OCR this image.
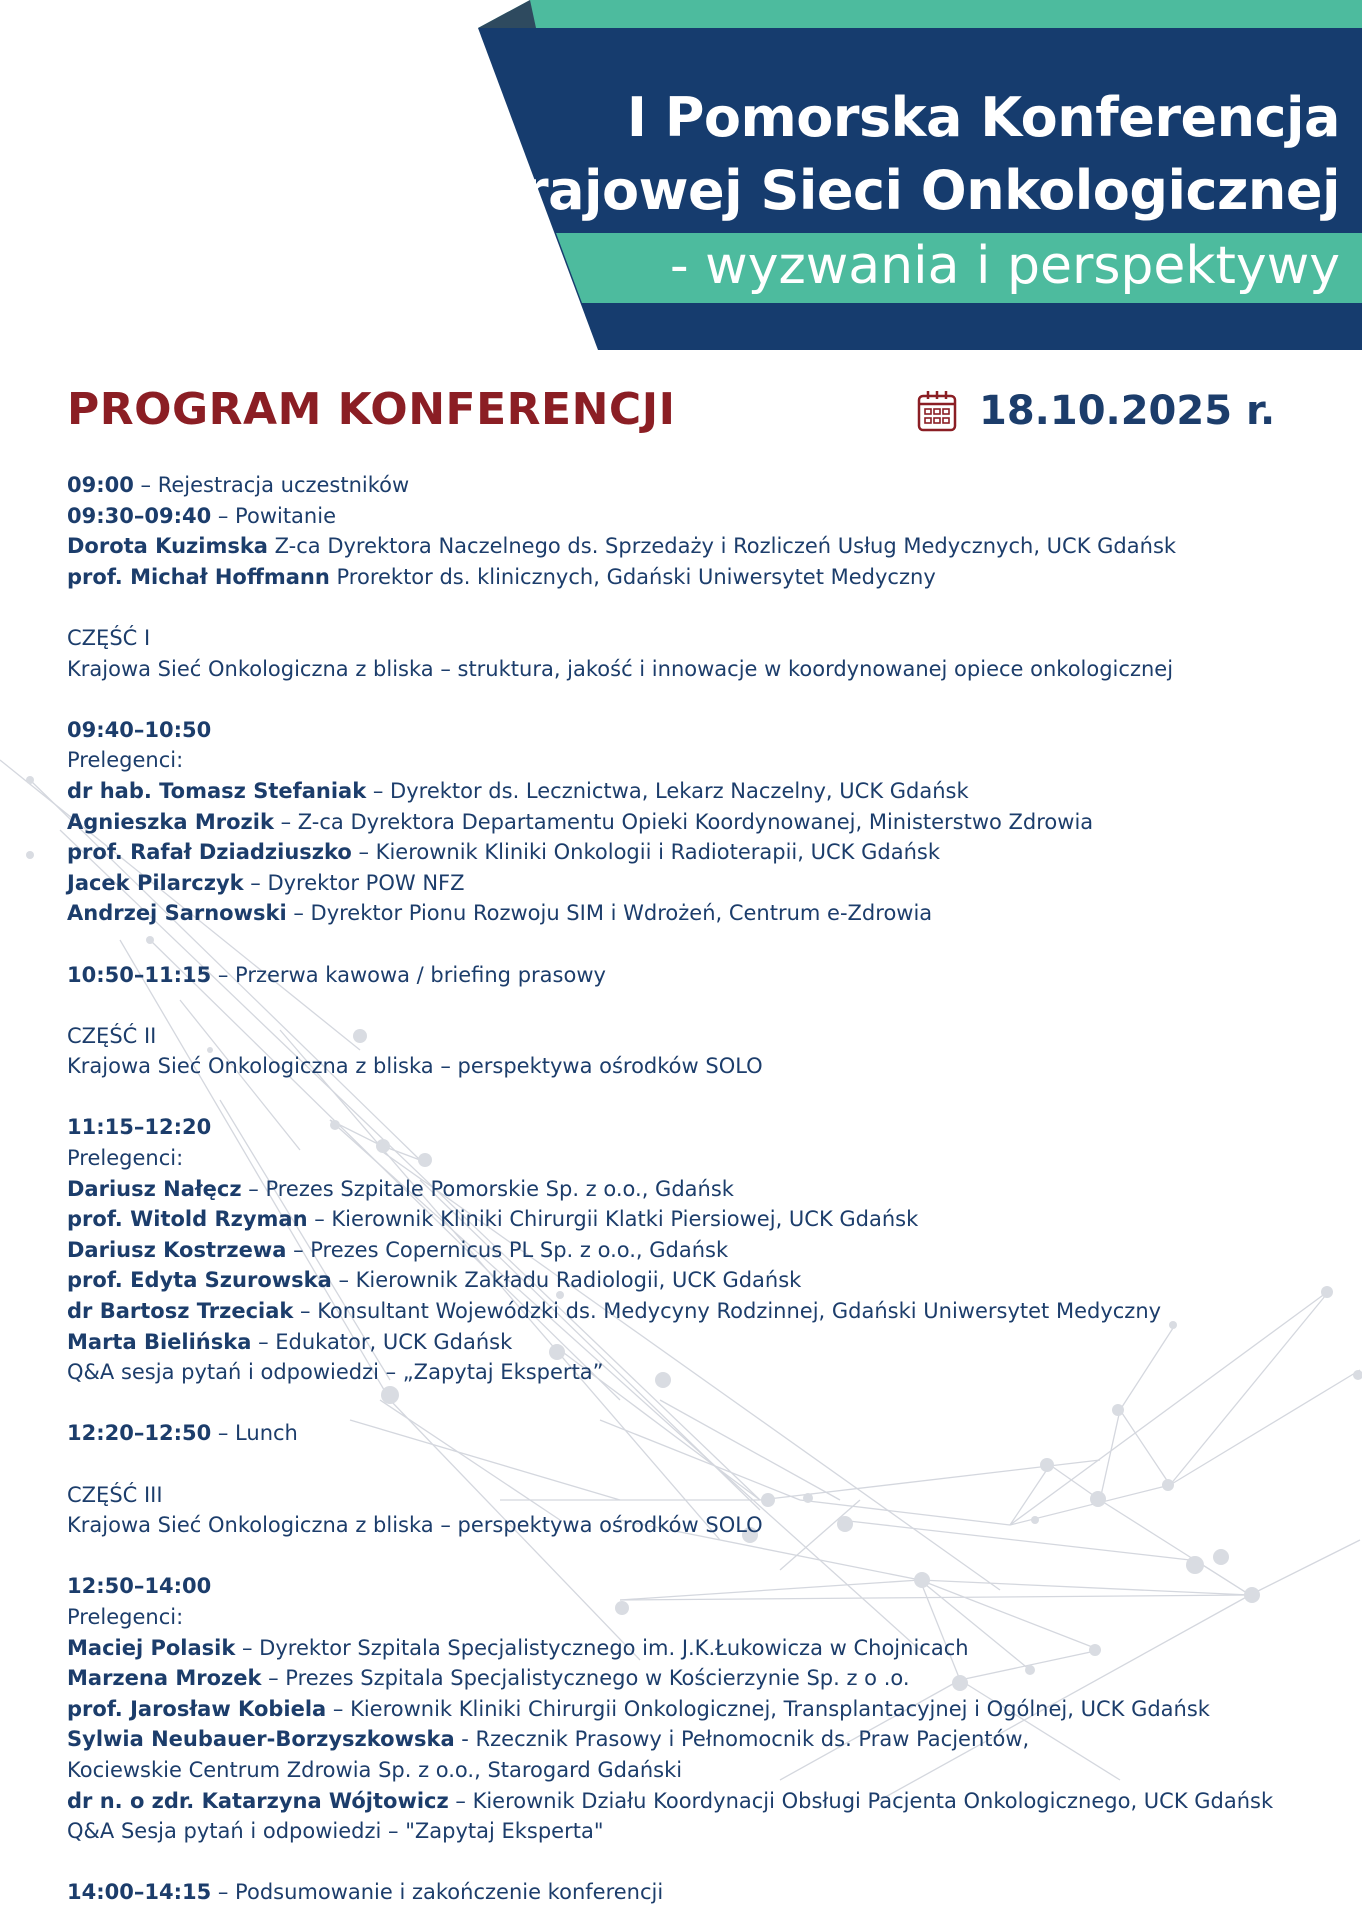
I Pomorska Konferencja
Krajowej Sieci Onkologicznej
- wyzwania i perspektywy
PROGRAM KONFERENCJI	18.10.2025 r.
09:00 – Rejestracja uczestników
09:30–09:40 – Powitanie
Dorota Kuzimska Z-ca Dyrektora Naczelnego ds. Sprzedaży i Rozliczeń Usług Medycznych, UCK Gdańsk
prof. Michał Hoffmann Prorektor ds. klinicznych, Gdański Uniwersytet Medyczny
CZĘŚĆ I
Krajowa Sieć Onkologiczna z bliska – struktura, jakość i innowacje w koordynowanej opiece onkologicznej
09:40–10:50
Prelegenci:
dr hab. Tomasz Stefaniak – Dyrektor ds. Lecznictwa, Lekarz Naczelny, UCK Gdańsk
Agnieszka Mrozik – Z-ca Dyrektora Departamentu Opieki Koordynowanej, Ministerstwo Zdrowia
prof. Rafał Dziadziuszko – Kierownik Kliniki Onkologii i Radioterapii, UCK Gdańsk
Jacek Pilarczyk – Dyrektor POW NFZ
Andrzej Sarnowski – Dyrektor Pionu Rozwoju SIM i Wdrożeń, Centrum e-Zdrowia
10:50–11:15 – Przerwa kawowa / briefing prasowy
CZĘŚĆ II
Krajowa Sieć Onkologiczna z bliska – perspektywa ośrodków SOLO
11:15–12:20
Prelegenci:
Dariusz Nałęcz – Prezes Szpitale Pomorskie Sp. z o.o., Gdańsk
prof. Witold Rzyman – Kierownik Kliniki Chirurgii Klatki Piersiowej, UCK Gdańsk
Dariusz Kostrzewa – Prezes Copernicus PL Sp. z o.o., Gdańsk
prof. Edyta Szurowska – Kierownik Zakładu Radiologii, UCK Gdańsk
dr Bartosz Trzeciak – Konsultant Wojewódzki ds. Medycyny Rodzinnej, Gdański Uniwersytet Medyczny
Marta Bielińska – Edukator, UCK Gdańsk
Q&A sesja pytań i odpowiedzi – „Zapytaj Eksperta”
12:20–12:50 – Lunch
CZĘŚĆ III
Krajowa Sieć Onkologiczna z bliska – perspektywa ośrodków SOLO
12:50–14:00
Prelegenci:
Maciej Polasik – Dyrektor Szpitala Specjalistycznego im. J.K.Łukowicza w Chojnicach
Marzena Mrozek – Prezes Szpitala Specjalistycznego w Kościerzynie Sp. z o .o.
prof. Jarosław Kobiela – Kierownik Kliniki Chirurgii Onkologicznej, Transplantacyjnej i Ogólnej, UCK Gdańsk
Sylwia Neubauer-Borzyszkowska - Rzecznik Prasowy i Pełnomocnik ds. Praw Pacjentów,
Kociewskie Centrum Zdrowia Sp. z o.o., Starogard Gdański
dr n. o zdr. Katarzyna Wójtowicz – Kierownik Działu Koordynacji Obsługi Pacjenta Onkologicznego, UCK Gdańsk
Q&A Sesja pytań i odpowiedzi – "Zapytaj Eksperta"
14:00–14:15 – Podsumowanie i zakończenie konferencji
